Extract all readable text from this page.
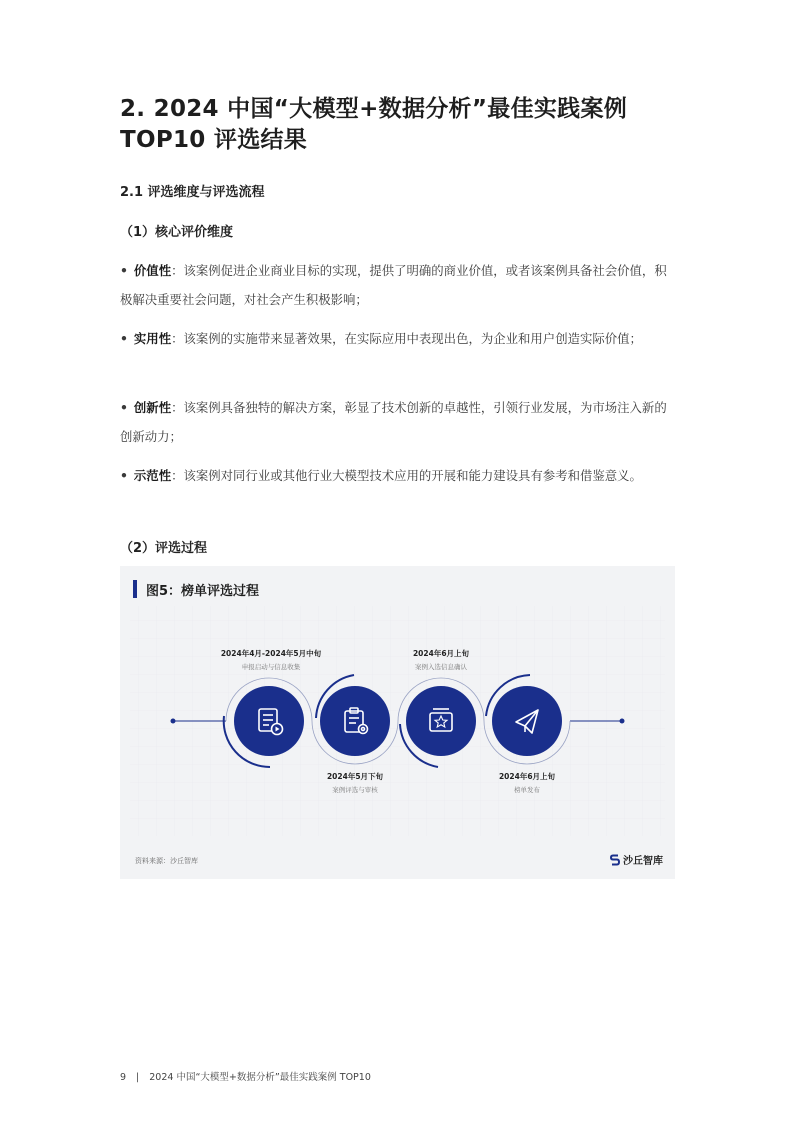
2. 2024 中国“大模型+数据分析”最佳实践案例 TOP10 评选结果
2.1 评选维度与评选流程
（1）核心评价维度

• 价值性：该案例促进企业商业目标的实现，提供了明确的商业价值，或者该案例具备社会价值，积极解决重要社会问题，对社会产生积极影响；

• 实用性：该案例的实施带来显著效果，在实际应用中表现出色，为企业和用户创造实际价值；

• 创新性：该案例具备独特的解决方案，彰显了技术创新的卓越性，引领行业发展，为市场注入新的创新动力；

• 示范性：该案例对同行业或其他行业大模型技术应用的开展和能力建设具有参考和借鉴意义。

（2）评选过程
图5：榜单评选过程
2024年4月-2024年5月中旬
申报启动与信息收集
2024年5月下旬
案例评选与审核
2024年6月上旬
案例入选信息确认
2024年6月上旬
榜单发布
资料来源：沙丘智库	沙丘智库
9 | 2024 中国“大模型+数据分析”最佳实践案例 TOP10
